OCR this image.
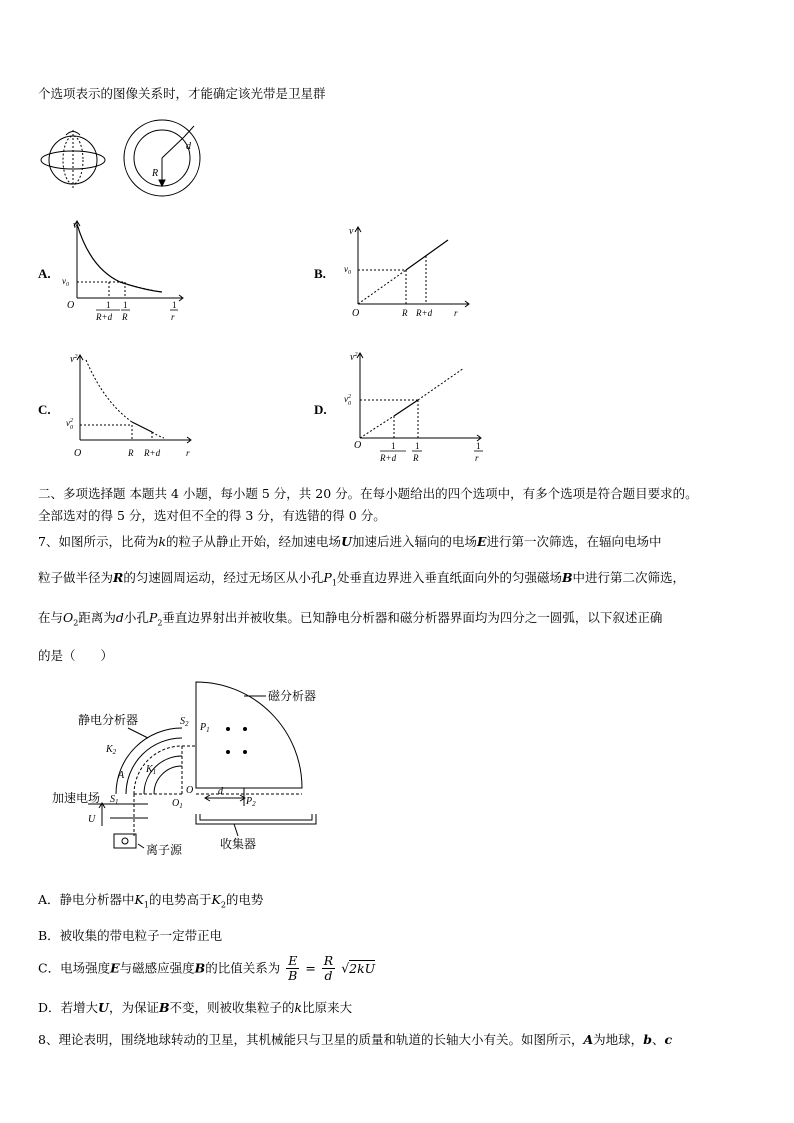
个选项表示的图像关系时，才能确定该光带是卫星群
R
d
A.
v
$v_0$
O	1
R+d
1
R
1
r
B.
v
$v_0$
O	R R+d r
C.
$v^2$
$v^2$ 0
O	R R+d	r
D.
$v^2$
$v^2$ 0
O	1
R+d
1
R
1
r
二、多项选择题 本题共 4 小题，每小题 5 分，共 20 分。在每小题给出的四个选项中，有多个选项是符合题目要求的。
全部选对的得 5 分，选对但不全的得 3 分，有选错的得 0 分。
7、如图所示，比荷为k的粒子从静止开始，经加速电场U加速后进入辐向的电场E进行第一次筛选，在辐向电场中
粒子做半径为R的匀速圆周运动，经过无场区从小孔$P_1$处垂直边界进入垂直纸面向外的匀强磁场B中进行第二次筛选，
在与$O_2$距离为d小孔$P_2$垂直边界射出并被收集。已知静电分析器和磁分析器界面均为四分之一圆弧，以下叙述正确
的是（　　）
磁分析器
静电分析器
加速电场
离子源	收集器
$S_2$ $P_1$
$K_2$
$K_1$
A
$S_1$	$O_1$
O d
$P_2$
U
A．静电分析器中$K_1$的电势高于$K_2$的电势
B．被收集的带电粒子一定带正电
C．电场强度E与磁感应强度B的比值关系为 $\frac{E}{B} = \frac{R}{d} √2kU$
D．若增大U，为保证B不变，则被收集粒子的k比原来大
8、理论表明，围绕地球转动的卫星，其机械能只与卫星的质量和轨道的长轴大小有关。如图所示，A为地球，b、c
